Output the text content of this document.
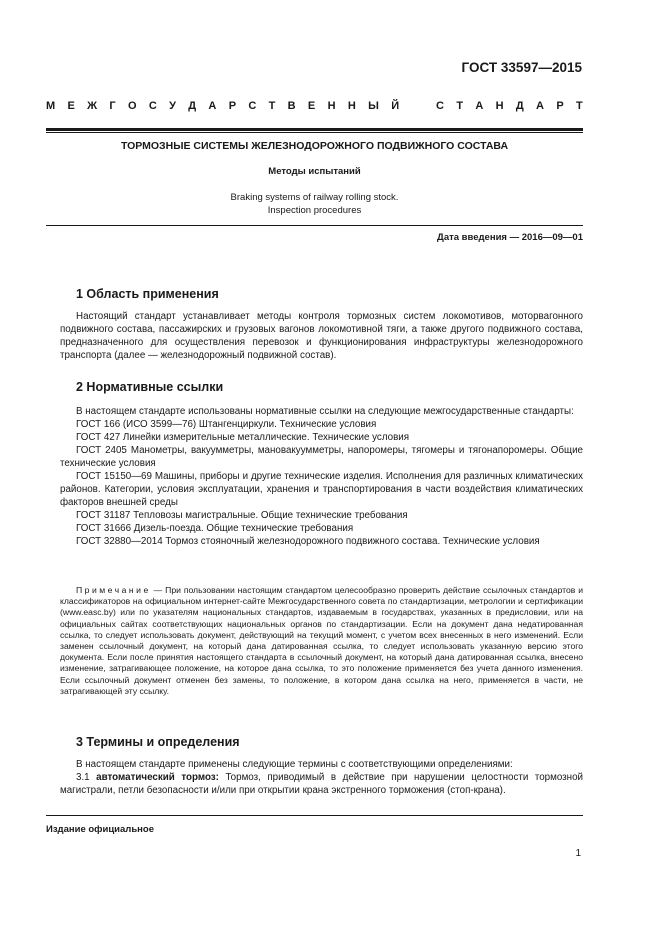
ГОСТ 33597—2015
М Е Ж Г О С У Д А Р С Т В Е Н Н Ы Й	С Т А Н Д А Р Т
ТОРМОЗНЫЕ СИСТЕМЫ ЖЕЛЕЗНОДОРОЖНОГО ПОДВИЖНОГО СОСТАВА
Методы испытаний
Braking systems of railway rolling stock.
Inspection procedures
Дата введения — 2016—09—01
1 Область применения

Настоящий стандарт устанавливает методы контроля тормозных систем локомотивов, моторвагонного подвижного состава, пассажирских и грузовых вагонов локомотивной тяги, а также другого подвижного состава, предназначенного для осуществления перевозок и функционирования инфраструктуры железнодорожного транспорта (далее — железнодорожный подвижной состав).

2 Нормативные ссылки

В настоящем стандарте использованы нормативные ссылки на следующие межгосударственные стандарты:

ГОСТ 166 (ИСО 3599—76) Штангенциркули. Технические условия

ГОСТ 427 Линейки измерительные металлические. Технические условия

ГОСТ 2405 Манометры, вакуумметры, мановакуумметры, напоромеры, тягомеры и тягонапоромеры. Общие технические условия

ГОСТ 15150—69 Машины, приборы и другие технические изделия. Исполнения для различных климатических районов. Категории, условия эксплуатации, хранения и транспортирования в части воздействия климатических факторов внешней среды

ГОСТ 31187 Тепловозы магистральные. Общие технические требования

ГОСТ 31666 Дизель-поезда. Общие технические требования

ГОСТ 32880—2014 Тормоз стояночный железнодорожного подвижного состава. Технические условия

Примечание — При пользовании настоящим стандартом целесообразно проверить действие ссылочных стандартов и классификаторов на официальном интернет-сайте Межгосударственного совета по стандартизации, метрологии и сертификации (www.easc.by) или по указателям национальных стандартов, издаваемым в государствах, указанных в предисловии, или на официальных сайтах соответствующих национальных органов по стандартизации. Если на документ дана недатированная ссылка, то следует использовать документ, действующий на текущий момент, с учетом всех внесенных в него изменений. Если заменен ссылочный документ, на который дана датированная ссылка, то следует использовать указанную версию этого документа. Если после принятия настоящего стандарта в ссылочный документ, на который дана датированная ссылка, внесено изменение, затрагивающее положение, на которое дана ссылка, то это положение применяется без учета данного изменения. Если ссылочный документ отменен без замены, то положение, в котором дана ссылка на него, применяется в части, не затрагивающей эту ссылку.

3 Термины и определения

В настоящем стандарте применены следующие термины с соответствующими определениями:

3.1 автоматический тормоз: Тормоз, приводимый в действие при нарушении целостности тормозной магистрали, петли безопасности и/или при открытии крана экстренного торможения (стоп-крана).

Издание официальное
1
